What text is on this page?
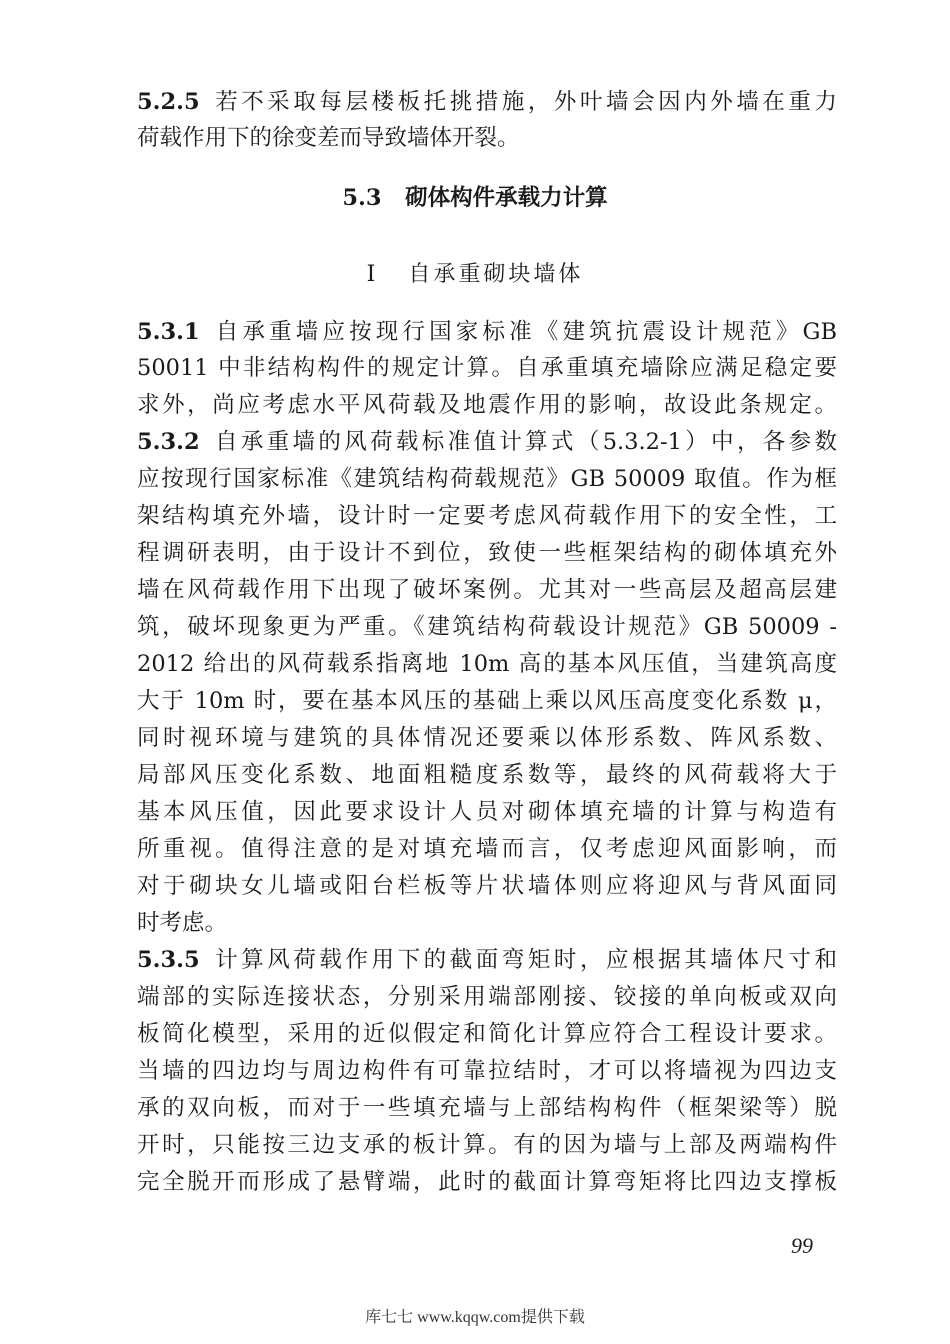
5.2.5 若不采取每层楼板托挑措施，外叶墙会因内外墙在重力
荷载作用下的徐变差而导致墙体开裂。
5.3 砌体构件承载力计算
Ⅰ 自承重砌块墙体
5.3.1 自承重墙应按现行国家标准《建筑抗震设计规范》GB
50011 中非结构构件的规定计算。自承重填充墙除应满足稳定要
求外，尚应考虑水平风荷载及地震作用的影响，故设此条规定。
5.3.2 自承重墙的风荷载标准值计算式（5.3.2-1）中，各参数
应按现行国家标准《建筑结构荷载规范》GB 50009 取值。作为框
架结构填充外墙，设计时一定要考虑风荷载作用下的安全性，工
程调研表明，由于设计不到位，致使一些框架结构的砌体填充外
墙在风荷载作用下出现了破坏案例。尤其对一些高层及超高层建
筑，破坏现象更为严重。《建筑结构荷载设计规范》GB 50009 -
2012 给出的风荷载系指离地 10m 高的基本风压值，当建筑高度
大于 10m 时，要在基本风压的基础上乘以风压高度变化系数 μ，
同时视环境与建筑的具体情况还要乘以体形系数、阵风系数、
局部风压变化系数、地面粗糙度系数等，最终的风荷载将大于
基本风压值，因此要求设计人员对砌体填充墙的计算与构造有
所重视。值得注意的是对填充墙而言，仅考虑迎风面影响，而
对于砌块女儿墙或阳台栏板等片状墙体则应将迎风与背风面同
时考虑。
5.3.5 计算风荷载作用下的截面弯矩时，应根据其墙体尺寸和
端部的实际连接状态，分别采用端部刚接、铰接的单向板或双向
板简化模型，采用的近似假定和简化计算应符合工程设计要求。
当墙的四边均与周边构件有可靠拉结时，才可以将墙视为四边支
承的双向板，而对于一些填充墙与上部结构构件（框架梁等）脱
开时，只能按三边支承的板计算。有的因为墙与上部及两端构件
完全脱开而形成了悬臂端，此时的截面计算弯矩将比四边支撑板
99
库七七 www.kqqw.com提供下载
